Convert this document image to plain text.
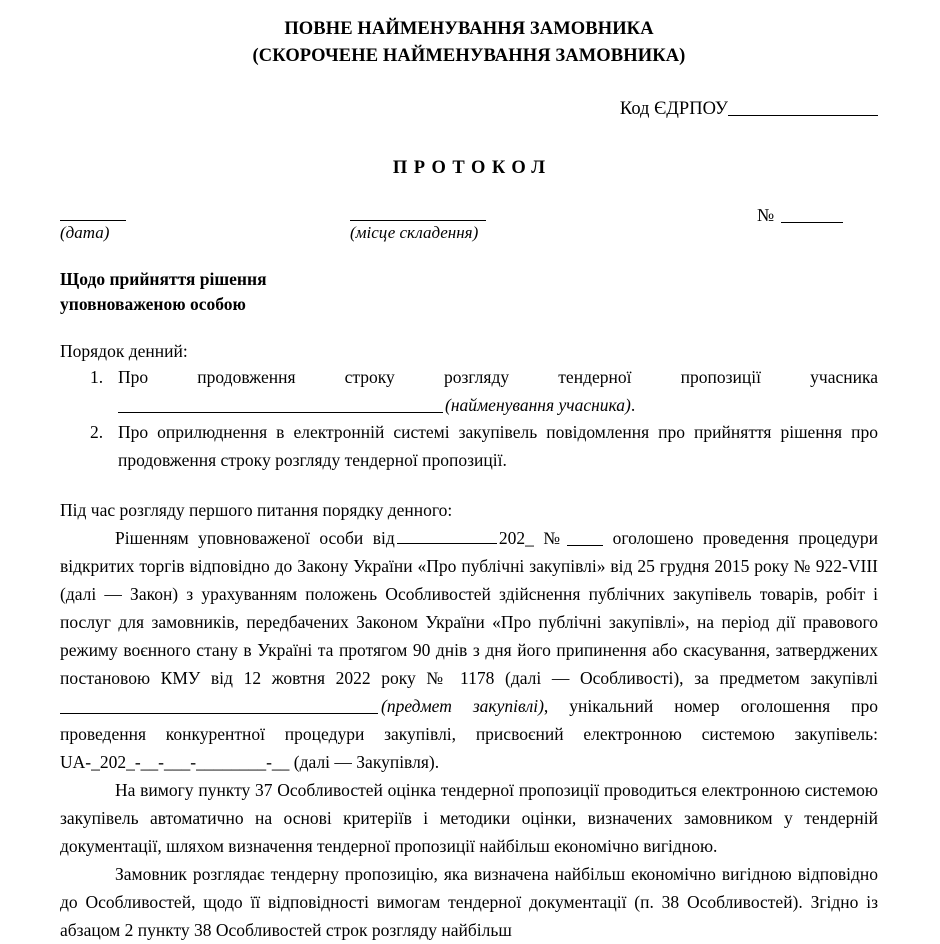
ПОВНЕ НАЙМЕНУВАННЯ ЗАМОВНИКА
(СКОРОЧЕНЕ НАЙМЕНУВАННЯ ЗАМОВНИКА)
Код ЄДРПОУ
ПРОТОКОЛ
(дата)	(місце складення)
№
Щодо прийняття рішення
уповноваженою особою
Порядок денний:
1. Про продовження строку розгляду тендерної пропозиції учасника (найменування учасника).
2. Про оприлюднення в електронній системі закупівель повідомлення про прийняття рішення про продовження строку розгляду тендерної пропозиції.
Під час розгляду першого питання порядку денного:

Рішенням уповноваженої особи від	202_ №	оголошено проведення процедури відкритих торгів відповідно до Закону України «Про публічні закупівлі» від 25 грудня 2015 року № 922-VIII (далі — Закон) з урахуванням положень Особливостей здійснення публічних закупівель товарів, робіт і послуг для замовників, передбачених Законом України «Про публічні закупівлі», на період дії правового режиму воєнного стану в Україні та протягом 90 днів з дня його припинення або скасування, затверджених постановою КМУ від 12 жовтня 2022 року № 1178 (далі — Особливості), за предметом закупівлі (предмет закупівлі), унікальний номер оголошення про проведення конкурентної процедури закупівлі, присвоєний електронною системою закупівель: UA-_202_-__-___-________-__ (далі — Закупівля).

На вимогу пункту 37 Особливостей оцінка тендерної пропозиції проводиться електронною системою закупівель автоматично на основі критеріїв і методики оцінки, визначених замовником у тендерній документації, шляхом визначення тендерної пропозиції найбільш економічно вигідною.

Замовник розглядає тендерну пропозицію, яка визначена найбільш економічно вигідною відповідно до Особливостей, щодо її відповідності вимогам тендерної документації (п. 38 Особливостей). Згідно із абзацом 2 пункту 38 Особливостей строк розгляду найбільш
